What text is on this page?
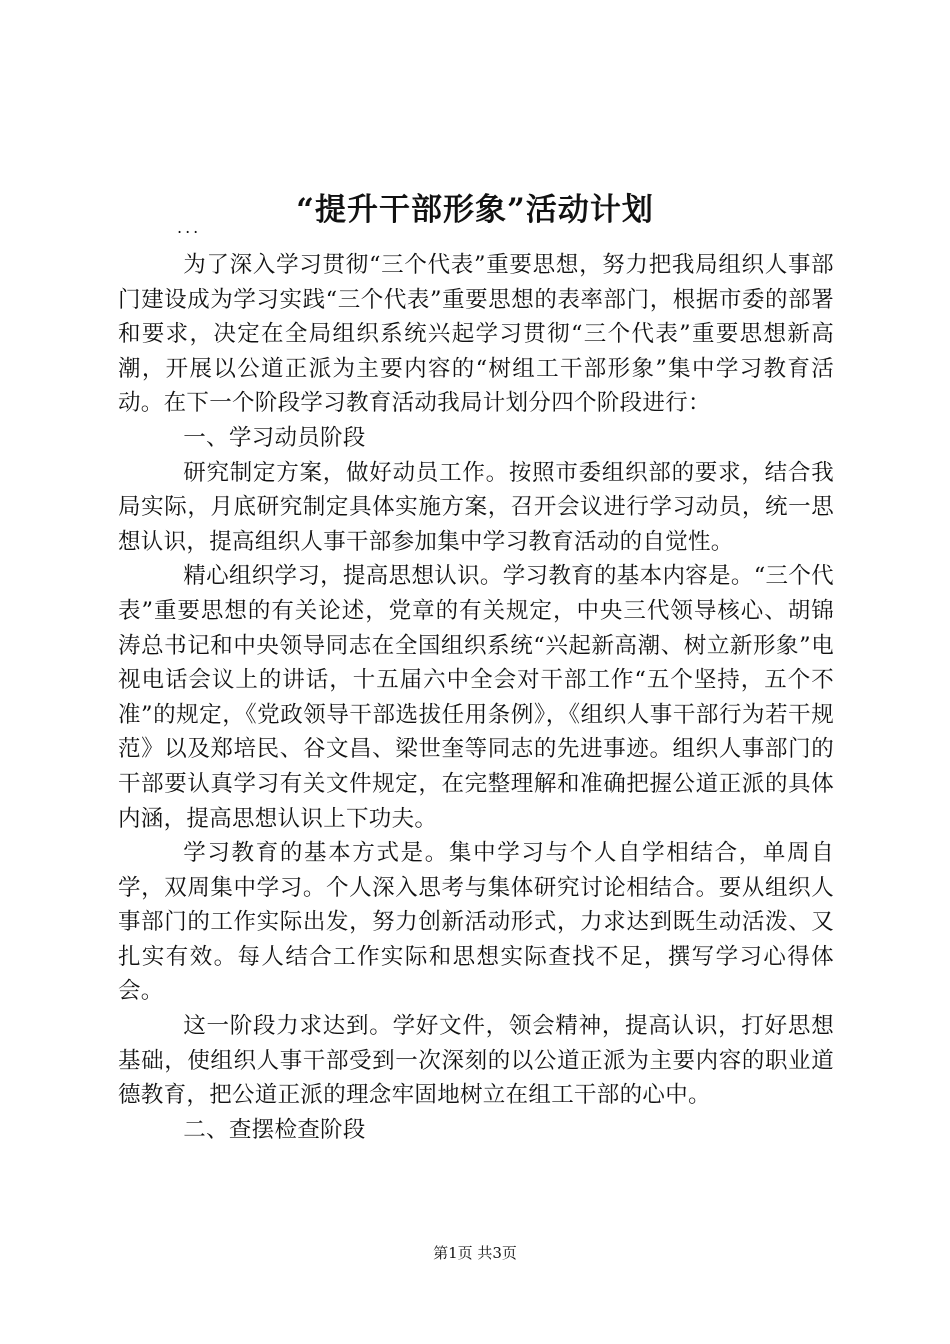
“提升干部形象”活动计划
...

为了深入学习贯彻“三个代表”重要思想，努力把我局组织人事部门建设成为学习实践“三个代表”重要思想的表率部门，根据市委的部署和要求，决定在全局组织系统兴起学习贯彻“三个代表”重要思想新高潮，开展以公道正派为主要内容的“树组工干部形象”集中学习教育活动。在下一个阶段学习教育活动我局计划分四个阶段进行：

一、学习动员阶段

研究制定方案，做好动员工作。按照市委组织部的要求，结合我局实际，月底研究制定具体实施方案，召开会议进行学习动员，统一思想认识，提高组织人事干部参加集中学习教育活动的自觉性。

精心组织学习，提高思想认识。学习教育的基本内容是。“三个代表”重要思想的有关论述，党章的有关规定，中央三代领导核心、胡锦涛总书记和中央领导同志在全国组织系统“兴起新高潮、树立新形象”电视电话会议上的讲话，十五届六中全会对干部工作“五个坚持，五个不准”的规定，《党政领导干部选拔任用条例》，《组织人事干部行为若干规范》以及郑培民、谷文昌、梁世奎等同志的先进事迹。组织人事部门的干部要认真学习有关文件规定，在完整理解和准确把握公道正派的具体内涵，提高思想认识上下功夫。

学习教育的基本方式是。集中学习与个人自学相结合，单周自学，双周集中学习。个人深入思考与集体研究讨论相结合。要从组织人事部门的工作实际出发，努力创新活动形式，力求达到既生动活泼、又扎实有效。每人结合工作实际和思想实际查找不足，撰写学习心得体会。

这一阶段力求达到。学好文件，领会精神，提高认识，打好思想基础，使组织人事干部受到一次深刻的以公道正派为主要内容的职业道德教育，把公道正派的理念牢固地树立在组工干部的心中。

二、查摆检查阶段

第1页 共3页
